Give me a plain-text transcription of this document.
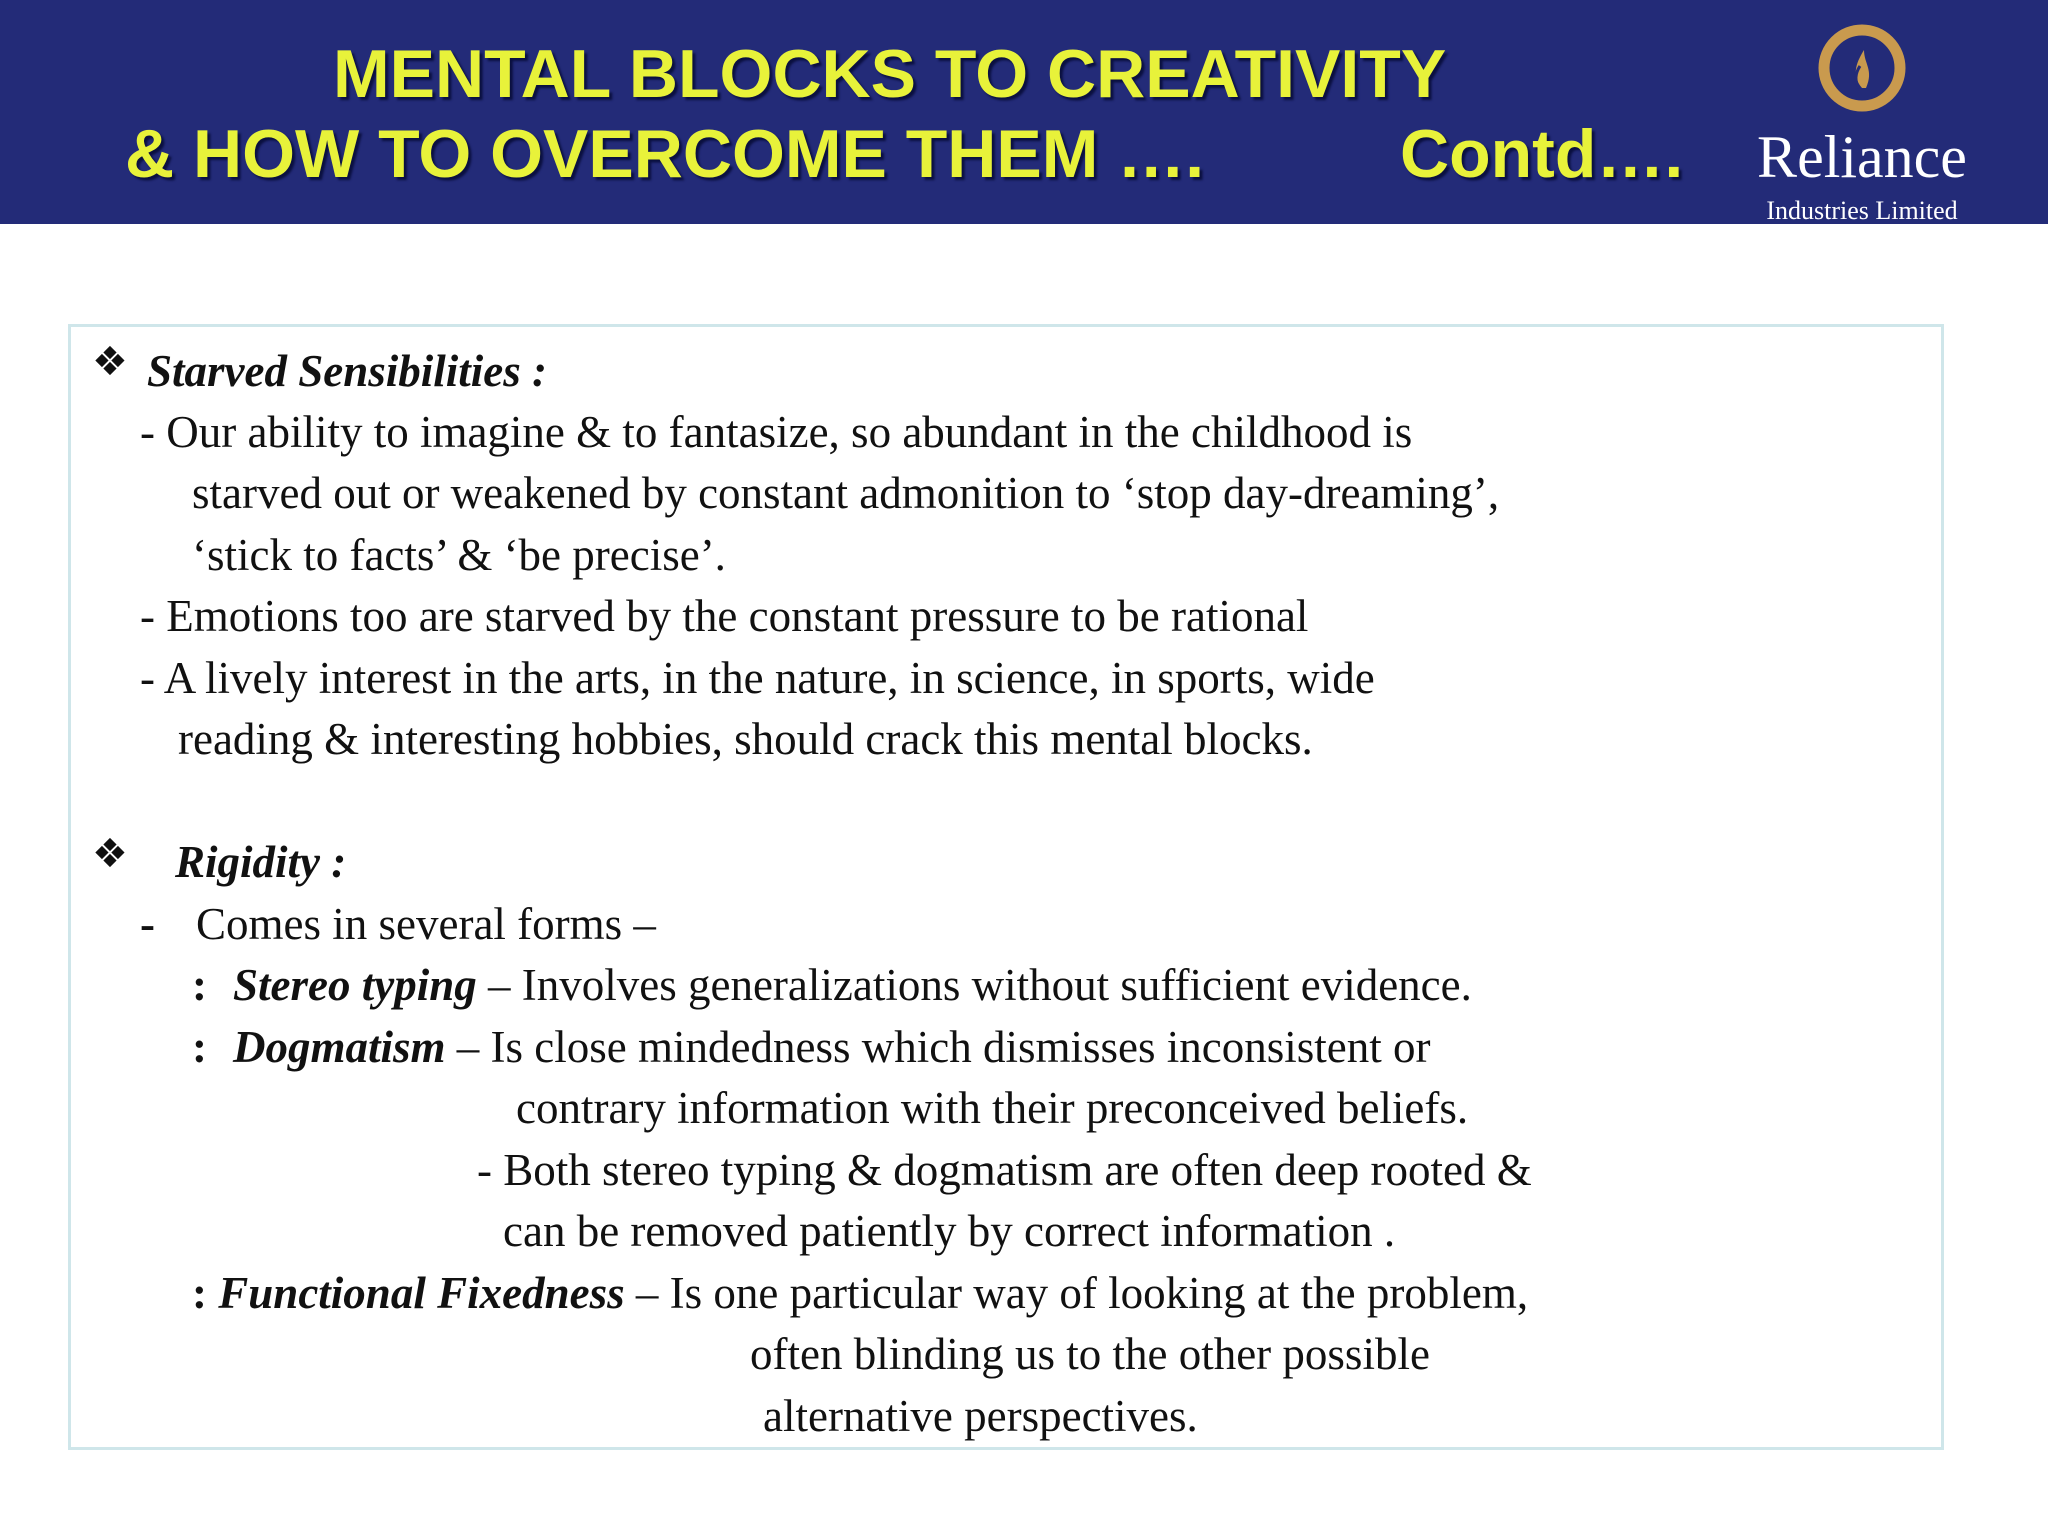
MENTAL BLOCKS TO CREATIVITY
& HOW TO OVERCOME THEM ….	Contd….	Reliance
Industries Limited
❖ Starved Sensibilities :
- Our ability to imagine & to fantasize, so abundant in the childhood is
starved out or weakened by constant admonition to ‘stop day-dreaming’,
‘stick to facts’ & ‘be precise’.
- Emotions too are starved by the constant pressure to be rational
- A lively interest in the arts, in the nature, in science, in sports, wide
reading & interesting hobbies, should crack this mental blocks.
❖ Rigidity :
- Comes in several forms –
: Stereo typing – Involves generalizations without sufficient evidence.
: Dogmatism – Is close mindedness which dismisses inconsistent or
contrary information with their preconceived beliefs.
- Both stereo typing & dogmatism are often deep rooted &
can be removed patiently by correct information .
: Functional Fixedness – Is one particular way of looking at the problem,
often blinding us to the other possible
alternative perspectives.
